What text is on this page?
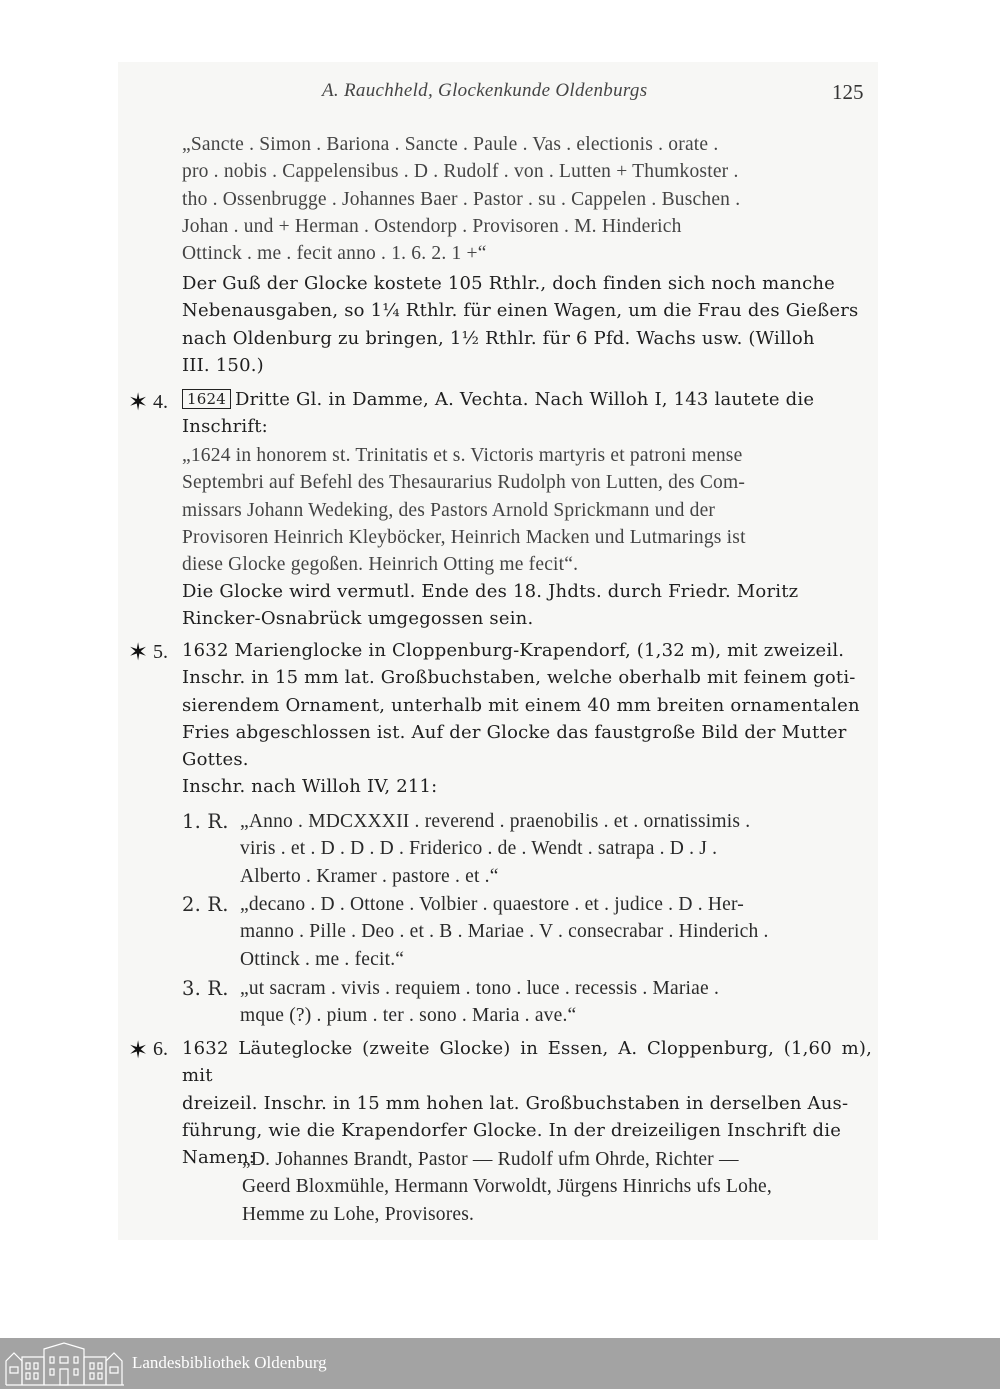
A. Rauchheld, Glockenkunde Oldenburgs	125
„Sancte . Simon . Bariona . Sancte . Paule . Vas . electionis . orate .
pro . nobis . Cappelensibus . D . Rudolf . von . Lutten + Thumkoster .
tho . Ossenbrugge . Johannes Baer . Pastor . su . Cappelen . Buschen .
Johan . und + Herman . Ostendorp . Provisoren . M. Hinderich
Ottinck . me . fecit anno . 1. 6. 2. 1 +“
Der Guß der Glocke kostete 105 Rthlr., doch finden sich noch manche
Nebenausgaben, so 1¼ Rthlr. für einen Wagen, um die Frau des Gießers
nach Oldenburg zu bringen, 1½ Rthlr. für 6 Pfd. Wachs usw. (Willoh
III. 150.)
✶ 4.	1624 Dritte Gl. in Damme, A. Vechta. Nach Willoh I, 143 lautete die
Inschrift:
„1624 in honorem st. Trinitatis et s. Victoris martyris et patroni mense
Septembri auf Befehl des Thesaurarius Rudolph von Lutten, des Com-
missars Johann Wedeking, des Pastors Arnold Sprickmann und der
Provisoren Heinrich Kleyböcker, Heinrich Macken und Lutmarings ist
diese Glocke gegoßen. Heinrich Otting me fecit“.
Die Glocke wird vermutl. Ende des 18. Jhdts. durch Friedr. Moritz
Rincker-Osnabrück umgegossen sein.
✶ 5. 1632 Marienglocke in Cloppenburg-Krapendorf, (1,32 m), mit zweizeil.
Inschr. in 15 mm lat. Großbuchstaben, welche oberhalb mit feinem goti-
sierendem Ornament, unterhalb mit einem 40 mm breiten ornamentalen
Fries abgeschlossen ist. Auf der Glocke das faustgroße Bild der Mutter
Gottes.
Inschr. nach Willoh IV, 211:
1. R. „Anno . MDCXXXII . reverend . praenobilis . et . ornatissimis .
viris . et . D . D . D . Friderico . de . Wendt . satrapa . D . J .
Alberto . Kramer . pastore . et .“
2. R. „decano . D . Ottone . Volbier . quaestore . et . judice . D . Her-
manno . Pille . Deo . et . B . Mariae . V . consecrabar . Hinderich .
Ottinck . me . fecit.“
3. R. „ut sacram . vivis . requiem . tono . luce . recessis . Mariae .
mque (?) . pium . ter . sono . Maria . ave.“
✶ 6. 1632 Läuteglocke (zweite Glocke) in Essen, A. Cloppenburg, (1,60 m), mit
dreizeil. Inschr. in 15 mm hohen lat. Großbuchstaben in derselben Aus-
führung, wie die Krapendorfer Glocke. In der dreizeiligen Inschrift die
Namen:
„D. Johannes Brandt, Pastor — Rudolf ufm Ohrde, Richter —
Geerd Bloxmühle, Hermann Vorwoldt, Jürgens Hinrichs ufs Lohe,
Hemme zu Lohe, Provisores.
Landesbibliothek Oldenburg
